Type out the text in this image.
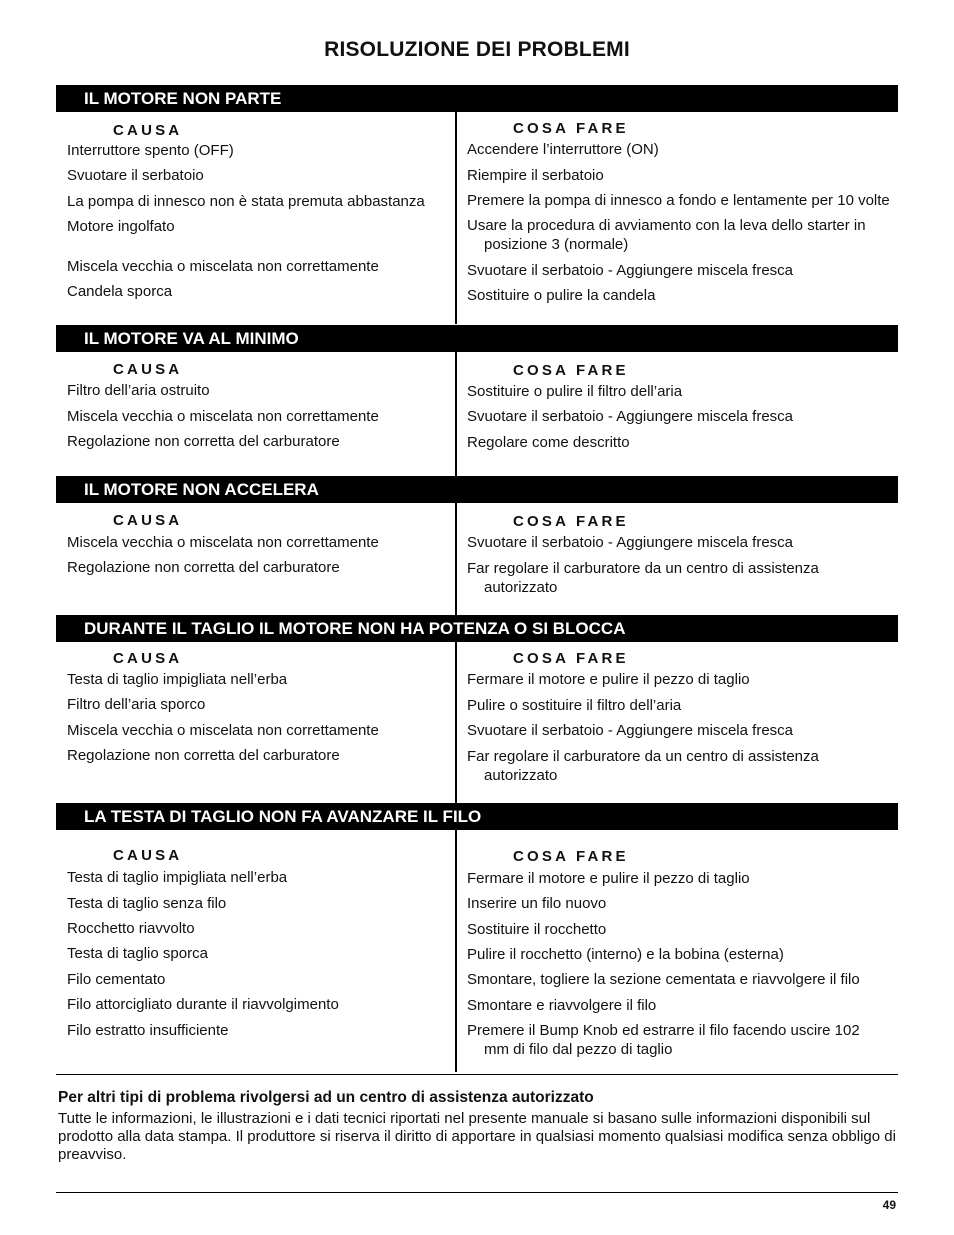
RISOLUZIONE DEI PROBLEMI
IL MOTORE NON PARTE
CAUSA
Interruttore spento (OFF)
Svuotare il serbatoio
La pompa di innesco non è stata premuta abbastanza
Motore ingolfato
Miscela vecchia o miscelata non correttamente
Candela sporca
COSA FARE
Accendere l’interruttore (ON)
Riempire il serbatoio
Premere la pompa di innesco a fondo e lentamente per 10 volte
Usare la procedura di avviamento con la leva dello starter in
posizione 3 (normale)
Svuotare il serbatoio - Aggiungere miscela fresca
Sostituire o pulire la candela
IL MOTORE VA AL MINIMO
CAUSA
Filtro dell’aria ostruito
Miscela vecchia o miscelata non correttamente
Regolazione non corretta del carburatore
COSA FARE
Sostituire o pulire il filtro dell’aria
Svuotare il serbatoio - Aggiungere miscela fresca
Regolare come descritto
IL MOTORE NON ACCELERA
CAUSA
Miscela vecchia o miscelata non correttamente
Regolazione non corretta del carburatore
COSA FARE
Svuotare il serbatoio - Aggiungere miscela fresca
Far regolare il carburatore da un centro di assistenza
autorizzato
DURANTE IL TAGLIO IL MOTORE NON HA POTENZA O SI BLOCCA
CAUSA
Testa di taglio impigliata nell’erba
Filtro dell’aria sporco
Miscela vecchia o miscelata non correttamente
Regolazione non corretta del carburatore
COSA FARE
Fermare il motore e pulire il pezzo di taglio
Pulire o sostituire il filtro dell’aria
Svuotare il serbatoio - Aggiungere miscela fresca
Far regolare il carburatore da un centro di assistenza
autorizzato
LA TESTA DI TAGLIO NON FA AVANZARE IL FILO
CAUSA
Testa di taglio impigliata nell’erba
Testa di taglio senza filo
Rocchetto riavvolto
Testa di taglio sporca
Filo cementato
Filo attorcigliato durante il riavvolgimento
Filo estratto insufficiente
COSA FARE
Fermare il motore e pulire il pezzo di taglio
Inserire un filo nuovo
Sostituire il rocchetto
Pulire il rocchetto (interno) e la bobina (esterna)
Smontare, togliere la sezione cementata e riavvolgere il filo
Smontare e riavvolgere il filo
Premere il Bump Knob ed estrarre il filo facendo uscire 102
mm di filo dal pezzo di taglio
Per altri tipi di problema rivolgersi ad un centro di assistenza autorizzato
Tutte le informazioni, le illustrazioni e i dati tecnici riportati nel presente manuale si basano sulle informazioni disponibili sul prodotto alla data stampa. Il produttore si riserva il diritto di apportare in qualsiasi momento qualsiasi modifica senza obbligo di preavviso.
49
